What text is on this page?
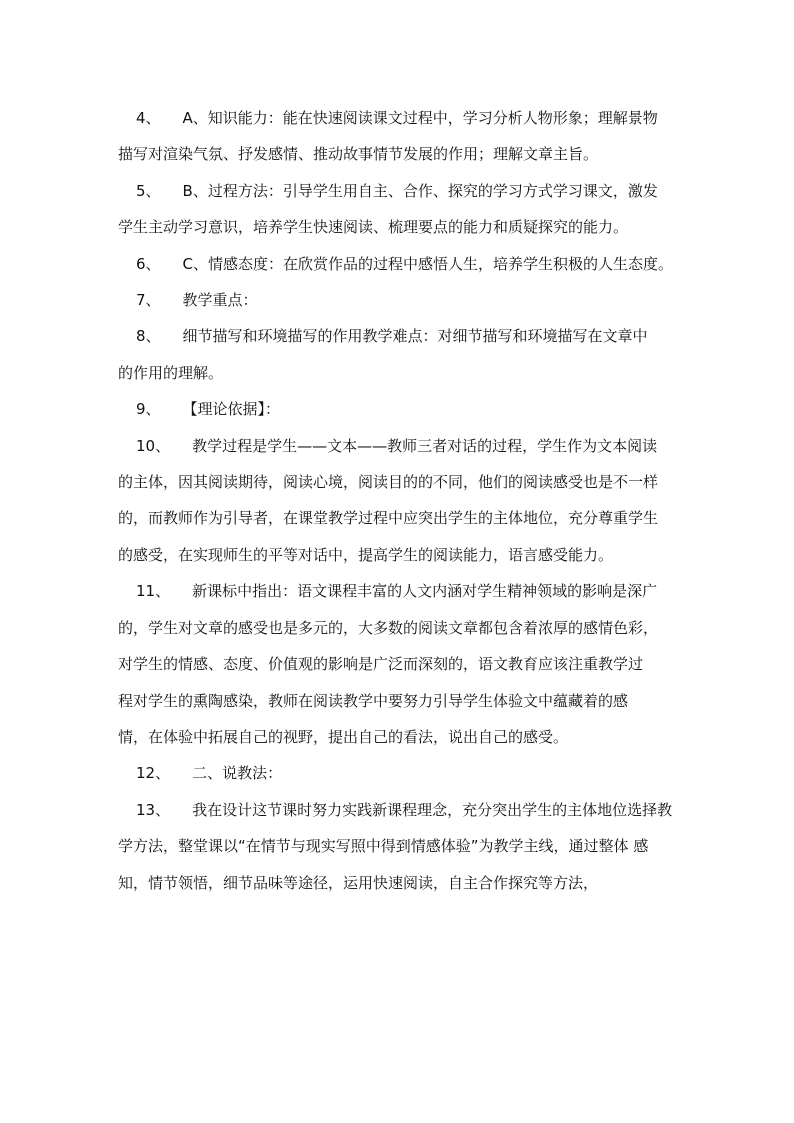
4、 A、知识能力：能在快速阅读课文过程中，学习分析人物形象；理解景物
描写对渲染气氛、抒发感情、推动故事情节发展的作用；理解文章主旨。
5、 B、过程方法：引导学生用自主、合作、探究的学习方式学习课文，激发
学生主动学习意识，培养学生快速阅读、梳理要点的能力和质疑探究的能力。
6、 C、情感态度：在欣赏作品的过程中感悟人生，培养学生积极的人生态度。
7、 教学重点：
8、 细节描写和环境描写的作用教学难点：对细节描写和环境描写在文章中
的作用的理解。
9、 【理论依据】：
10、 教学过程是学生——文本——教师三者对话的过程，学生作为文本阅读
的主体，因其阅读期待，阅读心境，阅读目的的不同，他们的阅读感受也是不一样
的，而教师作为引导者，在课堂教学过程中应突出学生的主体地位，充分尊重学生
的感受，在实现师生的平等对话中，提高学生的阅读能力，语言感受能力。
11、 新课标中指出：语文课程丰富的人文内涵对学生精神领域的影响是深广
的，学生对文章的感受也是多元的，大多数的阅读文章都包含着浓厚的感情色彩，
对学生的情感、态度、价值观的影响是广泛而深刻的，语文教育应该注重教学过
程对学生的熏陶感染，教师在阅读教学中要努力引导学生体验文中蕴藏着的感
情，在体验中拓展自己的视野，提出自己的看法，说出自己的感受。
12、 二、说教法：
13、 我在设计这节课时努力实践新课程理念，充分突出学生的主体地位选择教
学方法，整堂课以“在情节与现实写照中得到情感体验”为教学主线，通过整体 感
知，情节领悟，细节品味等途径，运用快速阅读，自主合作探究等方法，
